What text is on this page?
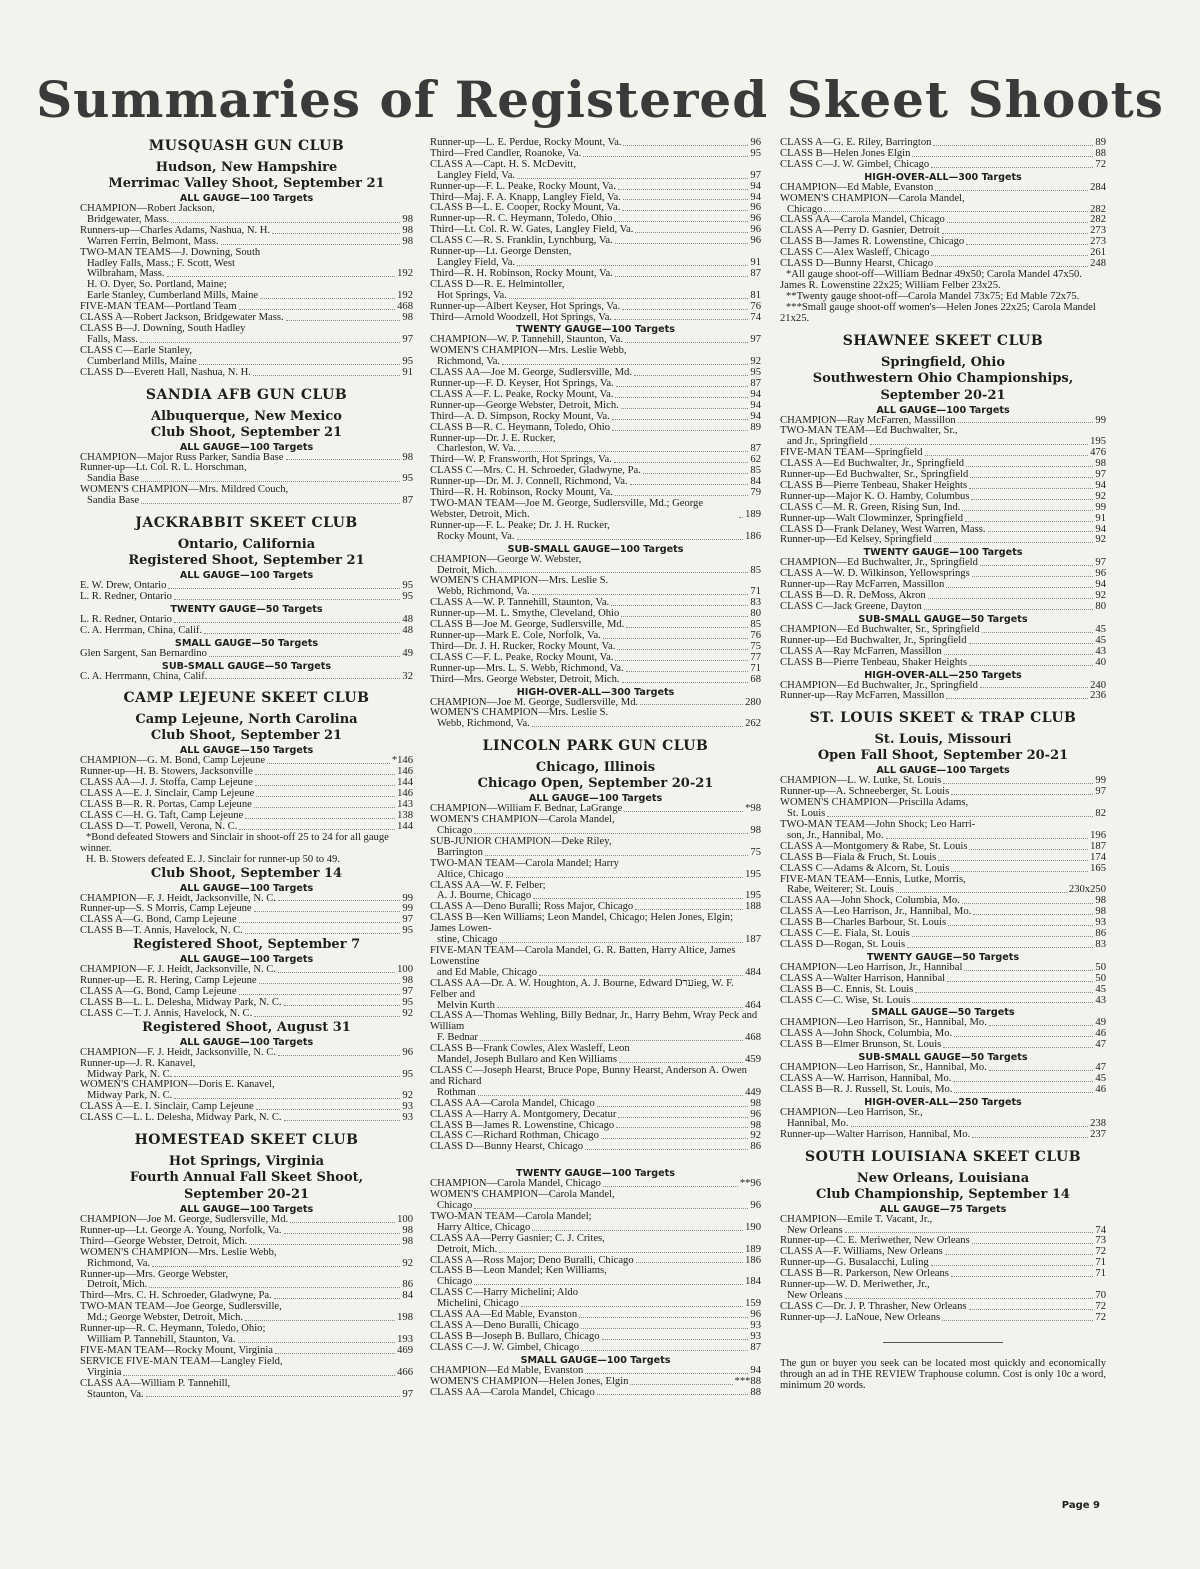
Summaries of Registered Skeet Shoots
MUSQUASH GUN CLUB
Hudson, New Hampshire
Merrimac Valley Shoot, September 21
ALL GAUGE—100 Targets
CHAMPION—Robert Jackson,
Bridgewater, Mass.	98
Runners-up—Charles Adams, Nashua, N. H.	98
Warren Ferrin, Belmont, Mass.	98
TWO-MAN TEAMS—J. Downing, South
Hadley Falls, Mass.; F. Scott, West
Wilbraham, Mass.	192
H. O. Dyer, So. Portland, Maine;
Earle Stanley, Cumberland Mills, Maine	192
FIVE-MAN TEAM—Portland Team	468
CLASS A—Robert Jackson, Bridgewater Mass.	98
CLASS B—J. Downing, South Hadley
Falls, Mass.	97
CLASS C—Earle Stanley,
Cumberland Mills, Maine	95
CLASS D—Everett Hall, Nashua, N. H.	91
SANDIA AFB GUN CLUB
Albuquerque, New Mexico
Club Shoot, September 21
ALL GAUGE—100 Targets
CHAMPION—Major Russ Parker, Sandia Base	98
Runner-up—Lt. Col. R. L. Horschman,
Sandia Base	95
WOMEN'S CHAMPION—Mrs. Mildred Couch,
Sandia Base	87
JACKRABBIT SKEET CLUB
Ontario, California
Registered Shoot, September 21
ALL GAUGE—100 Targets
E. W. Drew, Ontario	95
L. R. Redner, Ontario	95
TWENTY GAUGE—50 Targets
L. R. Redner, Ontario	48
C. A. Herrman, China, Calif.	48
SMALL GAUGE—50 Targets
Glen Sargent, San Bernardino	49
SUB-SMALL GAUGE—50 Targets
C. A. Herrmann, China, Calif.	32
CAMP LEJEUNE SKEET CLUB
Camp Lejeune, North Carolina
Club Shoot, September 21
ALL GAUGE—150 Targets
CHAMPION—G. M. Bond, Camp Lejeune	*146
Runner-up—H. B. Stowers, Jacksonville	146
CLASS AA—J. J. Stoffa, Camp Lejeune	144
CLASS A—E. J. Sinclair, Camp Lejeune	146
CLASS B—R. R. Portas, Camp Lejeune	143
CLASS C—H. G. Taft, Camp Lejeune	138
CLASS D—T. Powell, Verona, N. C.	144
*Bond defeated Stowers and Sinclair in shoot-off 25 to 24 for all gauge winner.
H. B. Stowers defeated E. J. Sinclair for runner-up 50 to 49.
Club Shoot, September 14
ALL GAUGE—100 Targets
CHAMPION—F. J. Heidt, Jacksonville, N. C.	99
Runner-up—S. S Morris, Camp Lejeune	99
CLASS A—G. Bond, Camp Lejeune	97
CLASS B—T. Annis, Havelock, N. C.	95
Registered Shoot, September 7
ALL GAUGE—100 Targets
CHAMPION—F. J. Heidt, Jacksonville, N. C.	100
Runner-up—E. R. Hering, Camp Lejeune	98
CLASS A—G. Bond, Camp Lejeune	97
CLASS B—L. L. Delesha, Midway Park, N. C.	95
CLASS C—T. J. Annis, Havelock, N. C.	92
Registered Shoot, August 31
ALL GAUGE—100 Targets
CHAMPION—F. J. Heidt, Jacksonville, N. C.	96
Runner-up—J. R. Kanavel,
Midway Park, N. C.	95
WOMEN'S CHAMPION—Doris E. Kanavel,
Midway Park, N. C.	92
CLASS A—E. I. Sinclair, Camp Lejeune	93
CLASS C—L. L. Delesha, Midway Park, N. C.	93
HOMESTEAD SKEET CLUB
Hot Springs, Virginia
Fourth Annual Fall Skeet Shoot,
September 20-21
ALL GAUGE—100 Targets
CHAMPION—Joe M. George, Sudlersville, Md.	100
Runner-up—Lt. George A. Young, Norfolk, Va.	98
Third—George Webster, Detroit, Mich.	98
WOMEN'S CHAMPION—Mrs. Leslie Webb,
Richmond, Va.	92
Runner-up—Mrs. George Webster,
Detroit, Mich.	86
Third—Mrs. C. H. Schroeder, Gladwyne, Pa.	84
TWO-MAN TEAM—Joe George, Sudlersville,
Md.; George Webster, Detroit, Mich.	198
Runner-up—R. C. Heymann, Toledo, Ohio;
William P. Tannehill, Staunton, Va.	193
FIVE-MAN TEAM—Rocky Mount, Virginia	469
SERVICE FIVE-MAN TEAM—Langley Field,
Virginia	466
CLASS AA—William P. Tannehill,
Staunton, Va.	97
Runner-up—L. E. Perdue, Rocky Mount, Va.	96
Third—Fred Candler, Roanoke, Va.	95
CLASS A—Capt. H. S. McDevitt,
Langley Field, Va.	97
Runner-up—F. L. Peake, Rocky Mount, Va.	94
Third—Maj. F. A. Knapp, Langley Field, Va.	94
CLASS B—L. E. Cooper, Rocky Mount, Va.	96
Runner-up—R. C. Heymann, Toledo, Ohio	96
Third—Lt. Col. R. W. Gates, Langley Field, Va.	96
CLASS C—R. S. Franklin, Lynchburg, Va.	96
Runner-up—Lt. George Densten,
Langley Field, Va.	91
Third—R. H. Robinson, Rocky Mount, Va.	87
CLASS D—R. E. Helmintoller,
Hot Springs, Va.	81
Runner-up—Albert Keyser, Hot Springs, Va.	76
Third—Arnold Woodzell, Hot Springs, Va.	74
TWENTY GAUGE—100 Targets
CHAMPION—W. P. Tannehill, Staunton, Va.	97
WOMEN'S CHAMPION—Mrs. Leslie Webb,
Richmond, Va.	92
CLASS AA—Joe M. George, Sudlersville, Md.	95
Runner-up—F. D. Keyser, Hot Springs, Va.	87
CLASS A—F. L. Peake, Rocky Mount, Va.	94
Runner-up—George Webster, Detroit, Mich.	94
Third—A. D. Simpson, Rocky Mount, Va.	94
CLASS B—R. C. Heymann, Toledo, Ohio	89
Runner-up—Dr. J. E. Rucker,
Charleston, W. Va.	87
Third—W. P. Fransworth, Hot Springs, Va.	62
CLASS C—Mrs. C. H. Schroeder, Gladwyne, Pa.	85
Runner-up—Dr. M. J. Connell, Richmond, Va.	84
Third—R. H. Robinson, Rocky Mount, Va.	79
TWO-MAN TEAM—Joe M. George, Sudlersville, Md.; George Webster, Detroit, Mich.	189
Runner-up—F. L. Peake; Dr. J. H. Rucker,
Rocky Mount, Va.	186
SUB-SMALL GAUGE—100 Targets
CHAMPION—George W. Webster,
Detroit, Mich.	85
WOMEN'S CHAMPION—Mrs. Leslie S.
Webb, Richmond, Va.	71
CLASS A—W. P. Tannehill, Staunton, Va.	83
Runner-up—M. L. Smythe, Cleveland, Ohio	80
CLASS B—Joe M. George, Sudlersville, Md.	85
Runner-up—Mark E. Cole, Norfolk, Va.	76
Third—Dr. J. H. Rucker, Rocky Mount, Va.	75
CLASS C—F. L. Peake, Rocky Mount, Va.	77
Runner-up—Mrs. L. S. Webb, Richmond, Va.	71
Third—Mrs. George Webster, Detroit, Mich.	68
HIGH-OVER-ALL—300 Targets
CHAMPION—Joe M. George, Sudlersville, Md.	280
WOMEN'S CHAMPION—Mrs. Leslie S.
Webb, Richmond, Va.	262
LINCOLN PARK GUN CLUB
Chicago, Illinois
Chicago Open, September 20-21
ALL GAUGE—100 Targets
CHAMPION—William F. Bednar, LaGrange	*98
WOMEN'S CHAMPION—Carola Mandel,
Chicago	98
SUB-JUNIOR CHAMPION—Deke Riley,
Barrington	75
TWO-MAN TEAM—Carola Mandel; Harry
Altice, Chicago	195
CLASS AA—W. F. Felber;
A. J. Bourne, Chicago	195
CLASS A—Deno Buralli; Ross Major, Chicago	188
CLASS B—Ken Williams; Leon Mandel, Chicago; Helen Jones, Elgin; James Lowen-
stine, Chicago	187
FIVE-MAN TEAM—Carola Mandel, G. R. Batten, Harry Altice, James Lowenstine
and Ed Mable, Chicago	484
CLASS AA—Dr. A. W. Houghton, A. J. Bourne, Edward Dערieg, W. F. Felber and
Melvin Kurth	464
CLASS A—Thomas Wehling, Billy Bednar, Jr., Harry Behm, Wray Peck and William
F. Bednar	468
CLASS B—Frank Cowles, Alex Wasleff, Leon
Mandel, Joseph Bullaro and Ken Williams	459
CLASS C—Joseph Hearst, Bruce Pope, Bunny Hearst, Anderson A. Owen and Richard
Rothman	449
CLASS AA—Carola Mandel, Chicago	98
CLASS A—Harry A. Montgomery, Decatur	96
CLASS B—James R. Lowenstine, Chicago	98
CLASS C—Richard Rothman, Chicago	92
CLASS D—Bunny Hearst, Chicago	86
TWENTY GAUGE—100 Targets
CHAMPION—Carola Mandel, Chicago	**96
WOMEN'S CHAMPION—Carola Mandel,
Chicago	96
TWO-MAN TEAM—Carola Mandel;
Harry Altice, Chicago	190
CLASS AA—Perry Gasnier; C. J. Crites,
Detroit, Mich.	189
CLASS A—Ross Major; Deno Buralli, Chicago	186
CLASS B—Leon Mandel; Ken Williams,
Chicago	184
CLASS C—Harry Michelini; Aldo
Michelini, Chicago	159
CLASS AA—Ed Mable, Evanston	96
CLASS A—Deno Buralli, Chicago	93
CLASS B—Joseph B. Bullaro, Chicago	93
CLASS C—J. W. Gimbel, Chicago	87
SMALL GAUGE—100 Targets
CHAMPION—Ed Mable, Evanston	94
WOMEN'S CHAMPION—Helen Jones, Elgin	***88
CLASS AA—Carola Mandel, Chicago	88
CLASS A—G. E. Riley, Barrington	89
CLASS B—Helen Jones Elgin	88
CLASS C—J. W. Gimbel, Chicago	72
HIGH-OVER-ALL—300 Targets
CHAMPION—Ed Mable, Evanston	284
WOMEN'S CHAMPION—Carola Mandel,
Chicago	282
CLASS AA—Carola Mandel, Chicago	282
CLASS A—Perry D. Gasnier, Detroit	273
CLASS B—James R. Lowenstine, Chicago	273
CLASS C—Alex Wasleff, Chicago	261
CLASS D—Bunny Hearst, Chicago	248
*All gauge shoot-off—William Bednar 49x50; Carola Mandel 47x50. James R. Lowenstine 22x25; William Felber 23x25.
**Twenty gauge shoot-off—Carola Mandel 73x75; Ed Mable 72x75.
***Small gauge shoot-off women's—Helen Jones 22x25; Carola Mandel 21x25.
SHAWNEE SKEET CLUB
Springfield, Ohio
Southwestern Ohio Championships,
September 20-21
ALL GAUGE—100 Targets
CHAMPION—Ray McFarren, Massillon	99
TWO-MAN TEAM—Ed Buchwalter, Sr.,
and Jr., Springfield	195
FIVE-MAN TEAM—Springfield	476
CLASS A—Ed Buchwalter, Jr., Springfield	98
Runner-up—Ed Buchwalter, Sr., Springfield	97
CLASS B—Pierre Tenbeau, Shaker Heights	94
Runner-up—Major K. O. Hamby, Columbus	92
CLASS C—M. R. Green, Rising Sun, Ind.	99
Runner-up—Walt Clowminzer, Springfield	91
CLASS D—Frank Delaney, West Warren, Mass.	94
Runner-up—Ed Kelsey, Springfield	92
TWENTY GAUGE—100 Targets
CHAMPION—Ed Buchwalter, Jr., Springfield	97
CLASS A—W. D. Wilkinson, Yellowsprings	96
Runner-up—Ray McFarren, Massillon	94
CLASS B—D. R. DeMoss, Akron	92
CLASS C—Jack Greene, Dayton	80
SUB-SMALL GAUGE—50 Targets
CHAMPION—Ed Buchwalter, Sr., Springfield	45
Runner-up—Ed Buchwalter, Jr., Springfield	45
CLASS A—Ray McFarren, Massillon	43
CLASS B—Pierre Tenbeau, Shaker Heights	40
HIGH-OVER-ALL—250 Targets
CHAMPION—Ed Buchwalter, Jr., Springfield	240
Runner-up—Ray McFarren, Massillon	236
ST. LOUIS SKEET & TRAP CLUB
St. Louis, Missouri
Open Fall Shoot, September 20-21
ALL GAUGE—100 Targets
CHAMPION—L. W. Lutke, St. Louis	99
Runner-up—A. Schneeberger, St. Louis	97
WOMEN'S CHAMPION—Priscilla Adams,
St. Louis	82
TWO-MAN TEAM—John Shock; Leo Harri-
son, Jr., Hannibal, Mo.	196
CLASS A—Montgomery & Rabe, St. Louis	187
CLASS B—Fiala & Fruch, St. Louis	174
CLASS C—Adams & Alcorn, St. Louis	165
FIVE-MAN TEAM—Ennis, Lutke, Morris,
Rabe, Weiterer; St. Louis	230x250
CLASS AA—John Shock, Columbia, Mo.	98
CLASS A—Leo Harrison, Jr., Hannibal, Mo.	98
CLASS B—Charles Barbour, St. Louis	93
CLASS C—E. Fiala, St. Louis	86
CLASS D—Rogan, St. Louis	83
TWENTY GAUGE—50 Targets
CHAMPION—Leo Harrison, Jr., Hannibal	50
CLASS A—Walter Harrison, Hannibal	50
CLASS B—C. Ennis, St. Louis	45
CLASS C—C. Wise, St. Louis	43
SMALL GAUGE—50 Targets
CHAMPION—Leo Harrison, Sr., Hannibal, Mo.	49
CLASS A—John Shock, Columbia, Mo.	46
CLASS B—Elmer Brunson, St. Louis	47
SUB-SMALL GAUGE—50 Targets
CHAMPION—Leo Harrison, Sr., Hannibal, Mo.	47
CLASS A—W. Harrison, Hannibal, Mo.	45
CLASS B—R. J. Russell, St. Louis, Mo.	46
HIGH-OVER-ALL—250 Targets
CHAMPION—Leo Harrison, Sr.,
Hannibal, Mo.	238
Runner-up—Walter Harrison, Hannibal, Mo.	237
SOUTH LOUISIANA SKEET CLUB
New Orleans, Louisiana
Club Championship, September 14
ALL GAUGE—75 Targets
CHAMPION—Emile T. Vacant, Jr.,
New Orleans	74
Runner-up—C. E. Meriwether, New Orleans	73
CLASS A—F. Williams, New Orleans	72
Runner-up—G. Busalacchi, Luling	71
CLASS B—R. Parkerson, New Orleans	71
Runner-up—W. D. Meriwether, Jr.,
New Orleans	70
CLASS C—Dr. J. P. Thrasher, New Orleans	72
Runner-up—J. LaNoue, New Orleans	72
The gun or buyer you seek can be located most quickly and economically through an ad in THE REVIEW Traphouse column. Cost is only 10c a word, minimum 20 words.
Page 9
